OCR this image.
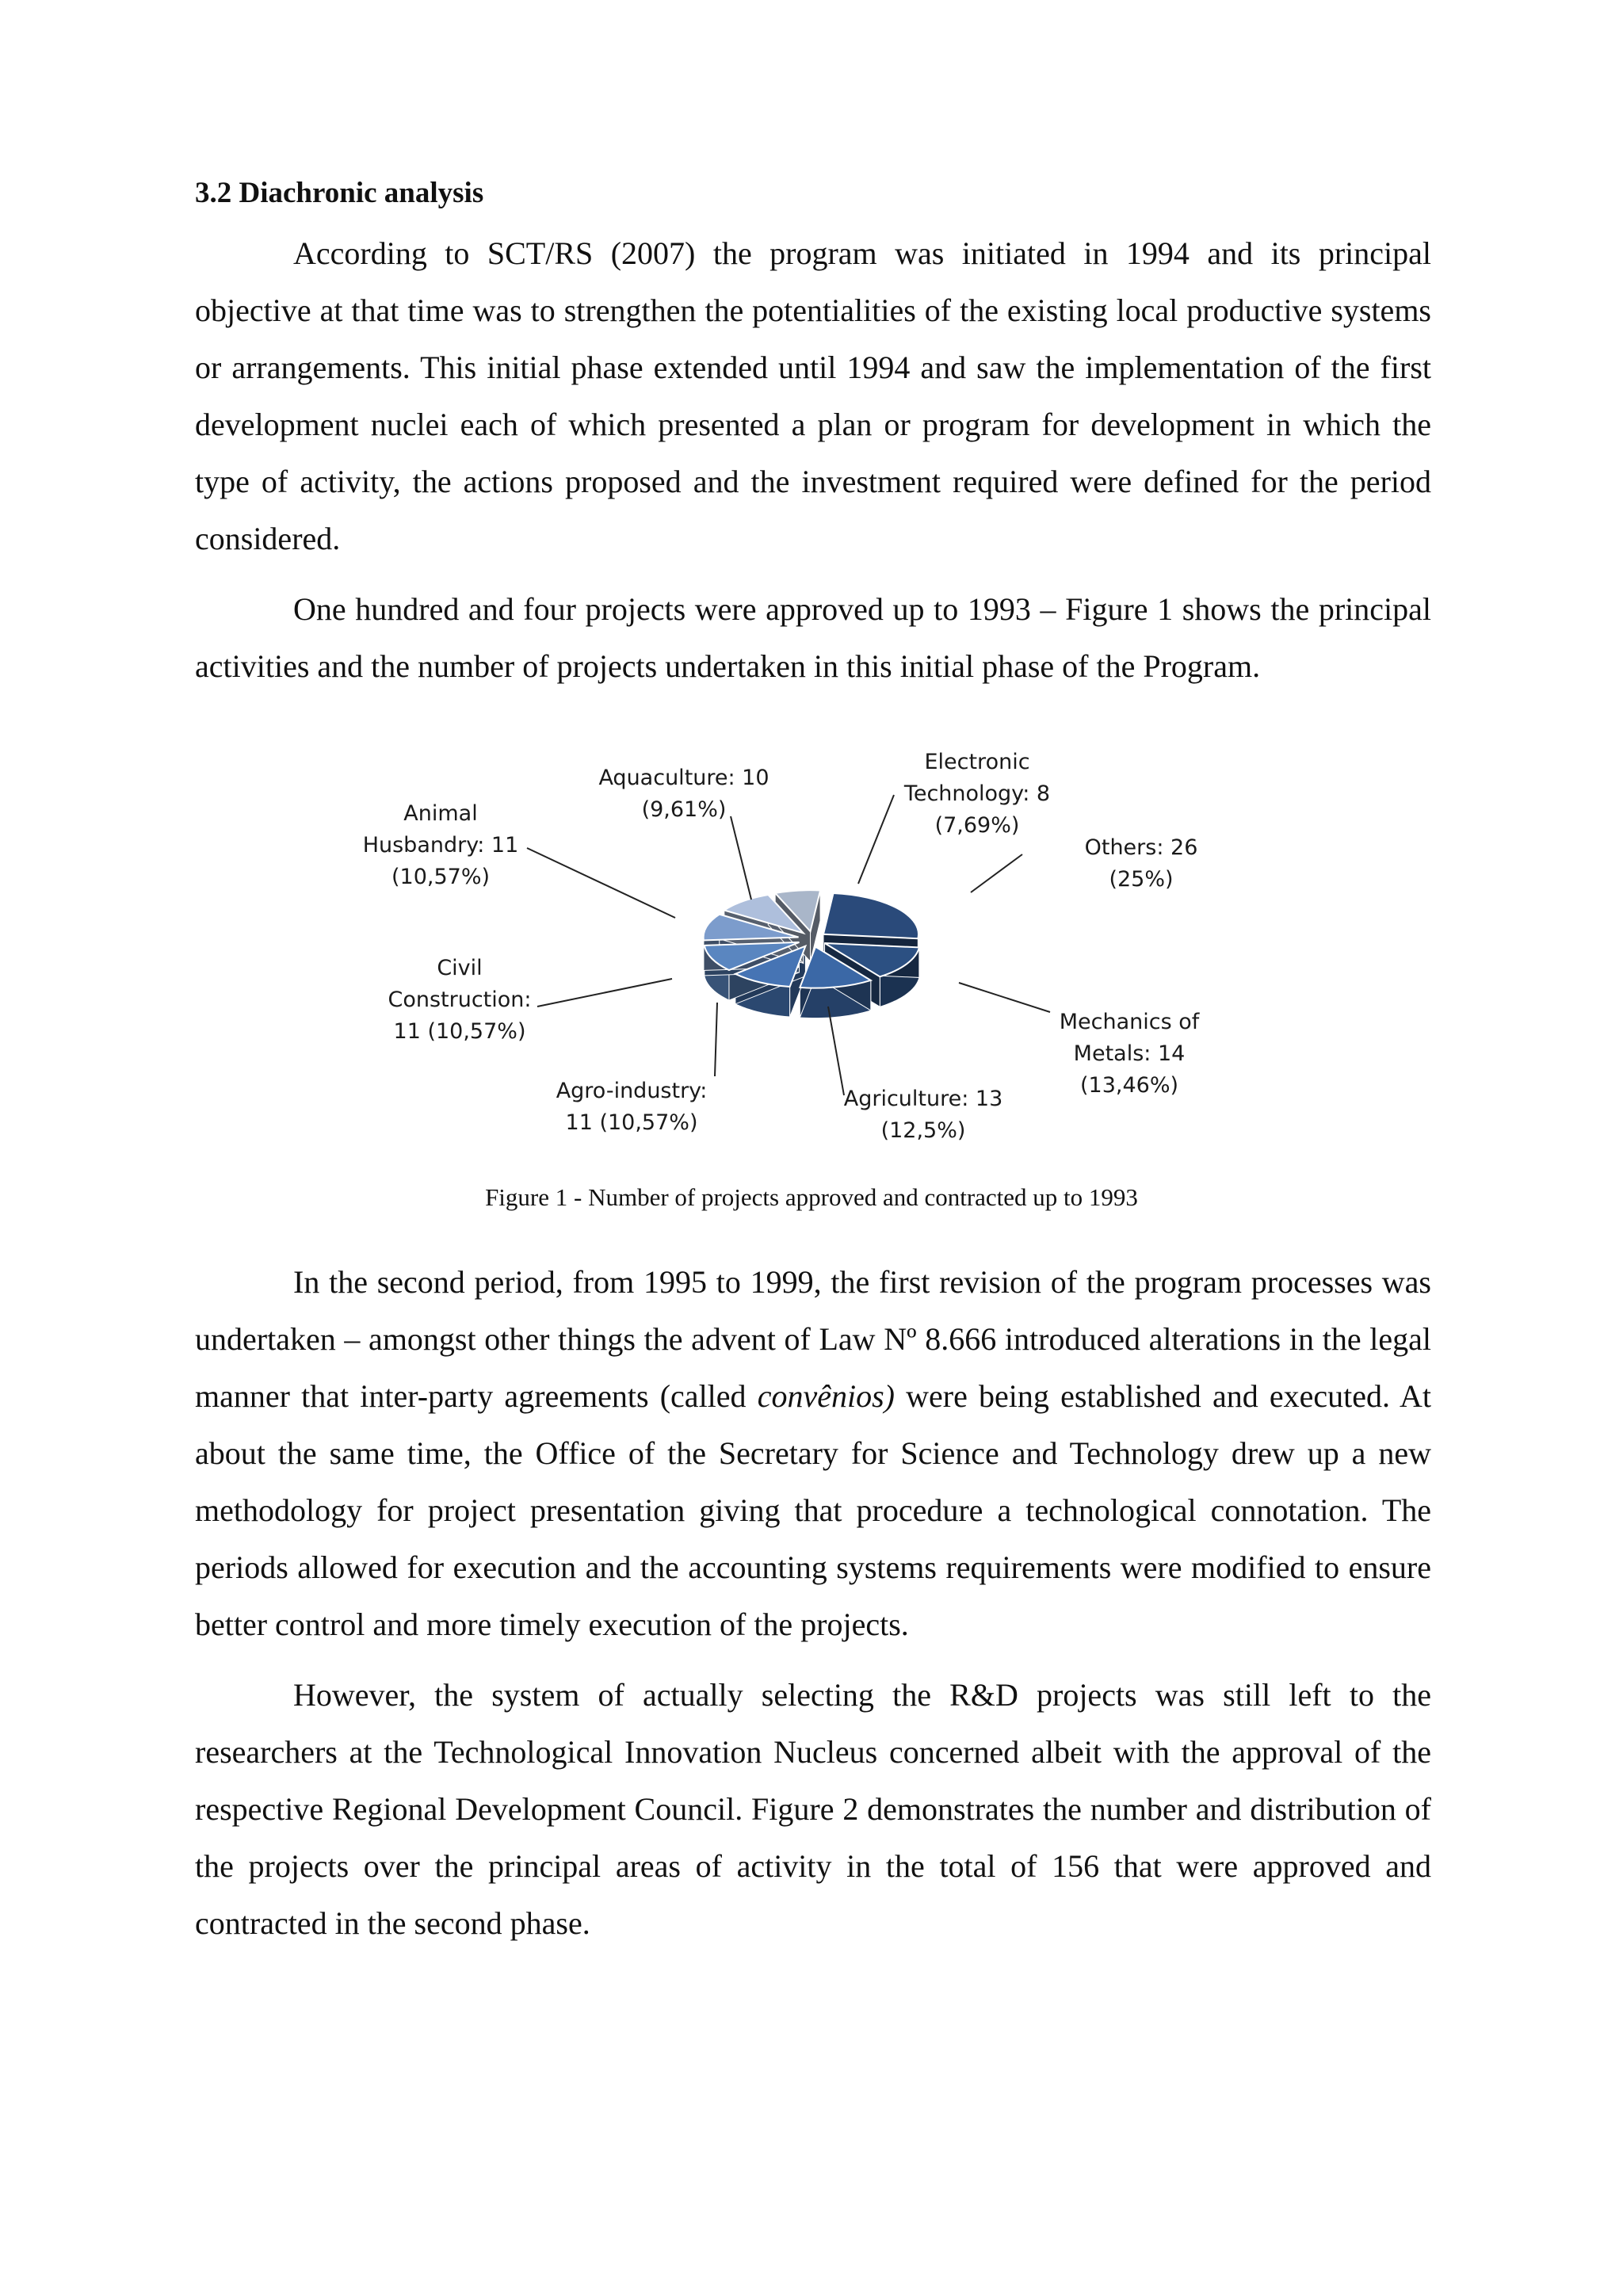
3.2 Diachronic analysis

According to SCT/RS (2007) the program was initiated in 1994 and its principal objective at that time was to strengthen the potentialities of the existing local productive systems or arrangements. This initial phase extended until 1994 and saw the implementation of the first development nuclei each of which presented a plan or program for development in which the type of activity, the actions proposed and the investment required were defined for the period considered.

One hundred and four projects were approved up to 1993 – Figure 1 shows the principal activities and the number of projects undertaken in this initial phase of the Program.

Others: 26 (25%)
Mechanics of Metals: 14 (13,46%)
Agriculture: 13 (12,5%)
Agro-industry: 11 (10,57%)
Civil Construction: 11 (10,57%)
Animal Husbandry: 11 (10,57%)
Aquaculture: 10 (9,61%)
Electronic Technology: 8 (7,69%)

Figure 1 - Number of projects approved and contracted up to 1993

In the second period, from 1995 to 1999, the first revision of the program processes was undertaken – amongst other things the advent of Law Nº 8.666 introduced alterations in the legal manner that inter-party agreements (called convênios) were being established and executed. At about the same time, the Office of the Secretary for Science and Technology drew up a new methodology for project presentation giving that procedure a technological connotation. The periods allowed for execution and the accounting systems requirements were modified to ensure better control and more timely execution of the projects.

However, the system of actually selecting the R&D projects was still left to the researchers at the Technological Innovation Nucleus concerned albeit with the approval of the respective Regional Development Council. Figure 2 demonstrates the number and distribution of the projects over the principal areas of activity in the total of 156 that were approved and contracted in the second phase.
